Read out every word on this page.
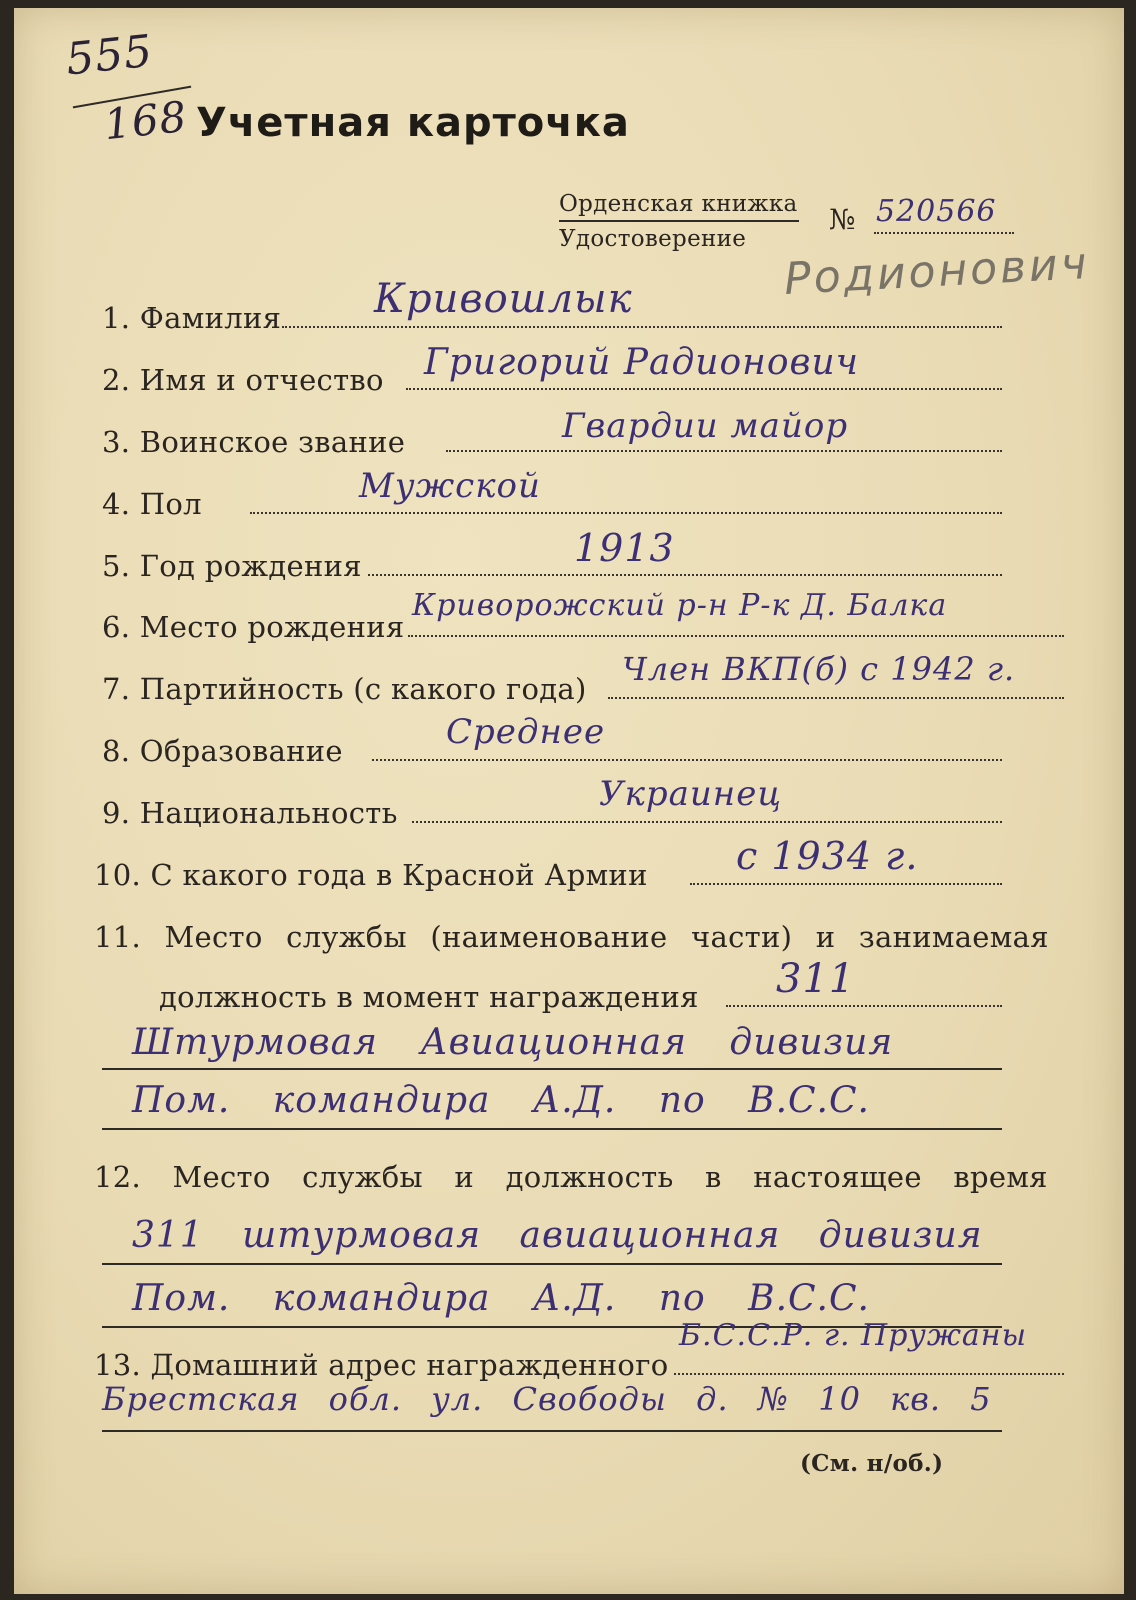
555
168 Учетная карточка
Орденская книжка
Удостоверение
№ 520566
Родионович
1. Фамилия Кривошлык
2. Имя и отчество Григорий Радионович
3. Воинское звание	Гвардии майор
4. Пол	Мужской
5. Год рождения	1913
6. Место рождения
Криворожский р-н Р-к Д. Балка
7. Партийность (с какого года)
Член ВКП(б) с 1942 г.
8. Образование	Среднее
9. Национальность	Украинец
10. С какого года в Красной Армии с 1934 г.
11. Место службы (наименование части) и занимаемая
должность в момент награждения 311
Штурмовая Авиационная дивизия
Пом. командира А.Д. по В.С.С.
12. Место службы и должность в настоящее время
311 штурмовая авиационная дивизия
Пом. командира А.Д. по В.С.С.
13. Домашний адрес награжденного
Б.С.С.Р. г. Пружаны
Брестская обл. ул. Свободы д. № 10 кв. 5
(См. н/об.)
